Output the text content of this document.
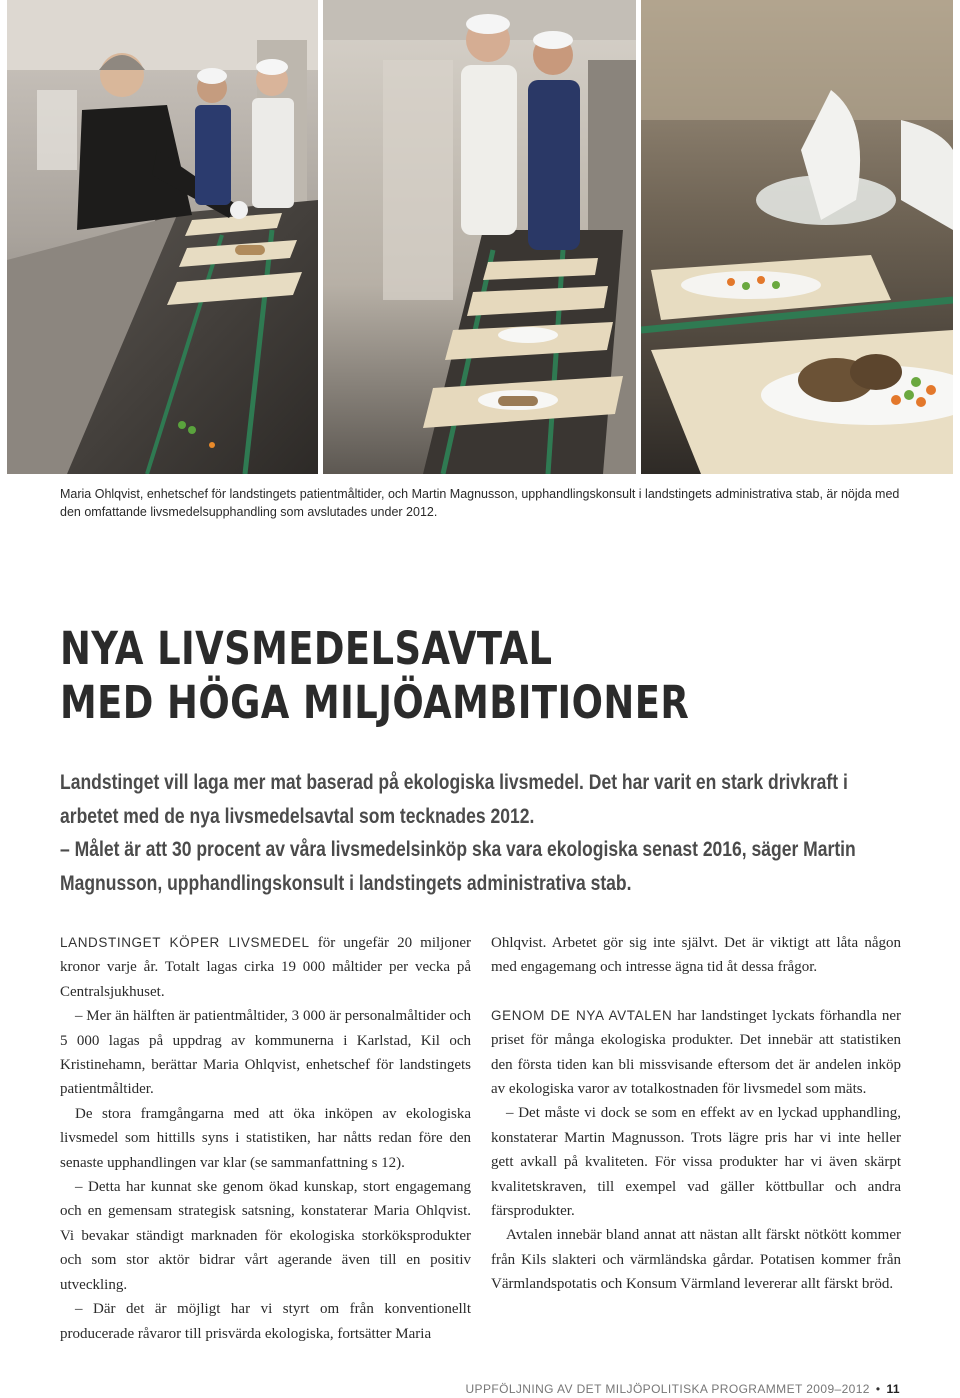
Maria Ohlqvist, enhetschef för landstingets patientmåltider, och Martin Magnusson, upphandlingskonsult i landstingets administrativa stab, är nöjda med den omfattande livsmedelsupphandling som avslutades under 2012.
NYA LIVSMEDELSAVTAL
MED HÖGA MILJÖAMBITIONER

Landstinget vill laga mer mat baserad på ekologiska livsmedel. Det har varit en stark drivkraft i arbetet med de nya livsmedelsavtal som tecknades 2012.

– Målet är att 30 procent av våra livsmedelsinköp ska vara ekologiska senast 2016, säger Martin Magnusson, upphandlingskonsult i landstingets administrativa stab.

LANDSTINGET KÖPER LIVSMEDEL för ungefär 20 miljoner kronor varje år. Totalt lagas cirka 19 000 måltider per vecka på Centralsjukhuset.

– Mer än hälften är patientmåltider, 3 000 är personalmåltider och 5 000 lagas på uppdrag av kommunerna i Karlstad, Kil och Kristinehamn, berättar Maria Ohlqvist, enhetschef för landstingets patientmåltider.

De stora framgångarna med att öka inköpen av ekologiska livsmedel som hittills syns i statistiken, har nåtts redan före den senaste upphandlingen var klar (se sammanfattning s 12).

– Detta har kunnat ske genom ökad kunskap, stort engagemang och en gemensam strategisk satsning, konstaterar Maria Ohlqvist. Vi bevakar ständigt marknaden för ekologiska storköksprodukter och som stor aktör bidrar vårt agerande även till en positiv utveckling.

– Där det är möjligt har vi styrt om från konventionellt producerade råvaror till prisvärda ekologiska, fortsätter Maria

Ohlqvist. Arbetet gör sig inte självt. Det är viktigt att låta någon med engagemang och intresse ägna tid åt dessa frågor.

GENOM DE NYA AVTALEN har landstinget lyckats förhandla ner priset för många ekologiska produkter. Det innebär att statistiken den första tiden kan bli missvisande eftersom det är andelen inköp av ekologiska varor av totalkostnaden för livsmedel som mäts.

– Det måste vi dock se som en effekt av en lyckad upphandling, konstaterar Martin Magnusson. Trots lägre pris har vi inte heller gett avkall på kvaliteten. För vissa produkter har vi även skärpt kvalitetskraven, till exempel vad gäller köttbullar och andra färsprodukter.

Avtalen innebär bland annat att nästan allt färskt nötkött kommer från Kils slakteri och värmländska gårdar. Potatisen kommer från Värmlandspotatis och Konsum Värmland levererar allt färskt bröd.

UPPFÖLJNING AV DET MILJÖPOLITISKA PROGRAMMET 2009–2012 • 11
